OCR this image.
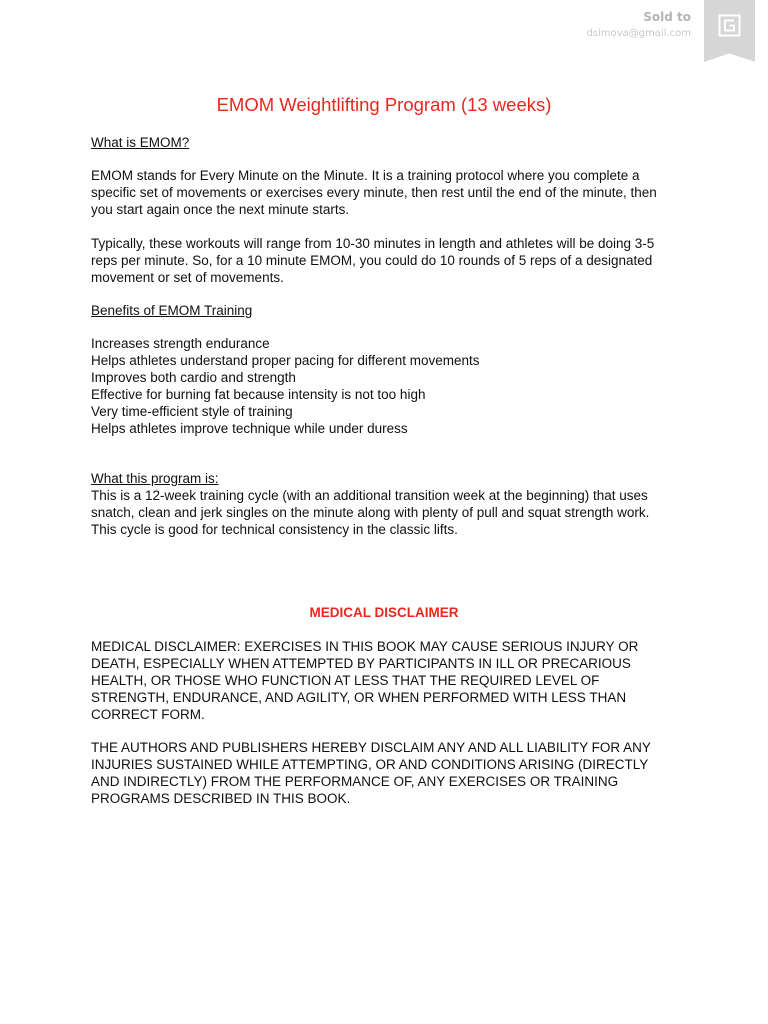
Sold to
dsimova@gmail.com
EMOM Weightlifting Program (13 weeks)
What is EMOM?

EMOM stands for Every Minute on the Minute. It is a training protocol where you complete a
specific set of movements or exercises every minute, then rest until the end of the minute, then
you start again once the next minute starts.

Typically, these workouts will range from 10-30 minutes in length and athletes will be doing 3-5
reps per minute. So, for a 10 minute EMOM, you could do 10 rounds of 5 reps of a designated
movement or set of movements.

Benefits of EMOM Training

Increases strength endurance
Helps athletes understand proper pacing for different movements
Improves both cardio and strength
Effective for burning fat because intensity is not too high
Very time-efficient style of training
Helps athletes improve technique while under duress

What this program is:

This is a 12-week training cycle (with an additional transition week at the beginning) that uses
snatch, clean and jerk singles on the minute along with plenty of pull and squat strength work.
This cycle is good for technical consistency in the classic lifts.

MEDICAL DISCLAIMER

MEDICAL DISCLAIMER: EXERCISES IN THIS BOOK MAY CAUSE SERIOUS INJURY OR
DEATH, ESPECIALLY WHEN ATTEMPTED BY PARTICIPANTS IN ILL OR PRECARIOUS
HEALTH, OR THOSE WHO FUNCTION AT LESS THAT THE REQUIRED LEVEL OF
STRENGTH, ENDURANCE, AND AGILITY, OR WHEN PERFORMED WITH LESS THAN
CORRECT FORM.

THE AUTHORS AND PUBLISHERS HEREBY DISCLAIM ANY AND ALL LIABILITY FOR ANY
INJURIES SUSTAINED WHILE ATTEMPTING, OR AND CONDITIONS ARISING (DIRECTLY
AND INDIRECTLY) FROM THE PERFORMANCE OF, ANY EXERCISES OR TRAINING
PROGRAMS DESCRIBED IN THIS BOOK.
